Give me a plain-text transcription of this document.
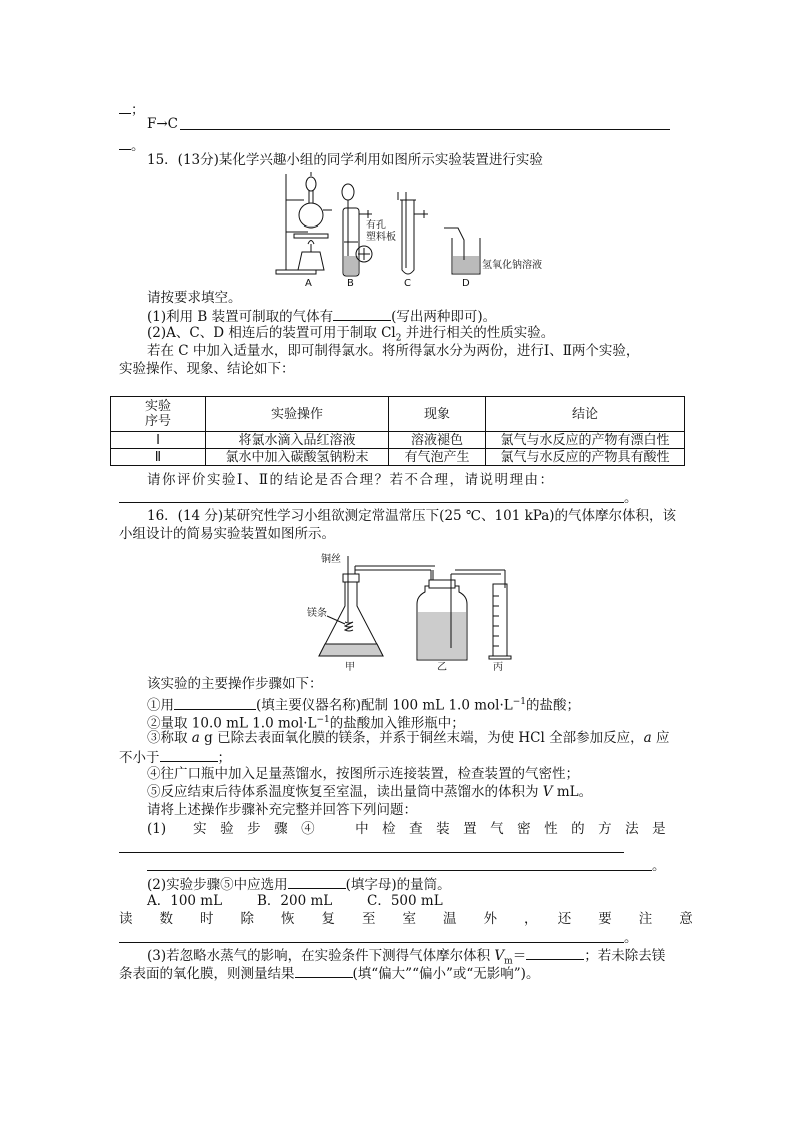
；
F→C
。
15．(13分)某化学兴趣小组的同学利用如图所示实验装置进行实验
有孔
塑料板
氢氧化钠溶液
A	B	C	D
请按要求填空。
(1)利用 B 装置可制取的气体有	(写出两种即可)。
(2)A、C、D 相连后的装置可用于制取 $Cl_2$ 并进行相关的性质实验。
若在 C 中加入适量水，即可制得氯水。将所得氯水分为两份，进行Ⅰ、Ⅱ两个实验，
实验操作、现象、结论如下：
实验
序号	实验操作	现象	结论
Ⅰ	将氯水滴入品红溶液	溶液褪色	氯气与水反应的产物有漂白性
Ⅱ	氯水中加入碳酸氢钠粉末	有气泡产生	氯气与水反应的产物具有酸性
请你评价实验Ⅰ、Ⅱ的结论是否合理？若不合理，请说明理由：
。
16．(14 分)某研究性学习小组欲测定常温常压下(25 ℃、101 kPa)的气体摩尔体积，该
小组设计的简易实验装置如图所示。
铜丝
镁条
甲	乙	丙
该实验的主要操作步骤如下：
①用	(填主要仪器名称)配制 100 mL 1.0 $mol\cdot L^{-1}$的盐酸；
②量取 10.0 mL 1.0 $mol\cdot L^{-1}$的盐酸加入锥形瓶中；
③称取 a g 已除去表面氧化膜的镁条，并系于铜丝末端，为使 HCl 全部参加反应，a 应
不小于	；
④往广口瓶中加入足量蒸馏水，按图所示连接装置，检查装置的气密性；
⑤反应结束后待体系温度恢复至室温，读出量筒中蒸馏水的体积为 V mL。
请将上述操作步骤补充完整并回答下列问题：
(1)　　实　验　步　骤　④　　　中　检　查　装　置　气　密　性　的　方　法　是
。
(2)实验步骤⑤中应选用	(填字母)的量筒。
A．100 mL	B．200 mL	C．500 mL
读　　数　　时　　除　　恢　　复　　至　　室　　温　　外　　，　　还　　要　　注　　意
。
(3)若忽略水蒸气的影响，在实验条件下测得气体摩尔体积 $V_m=$	；若未除去镁
条表面的氧化膜，则测量结果	(填“偏大”“偏小”或“无影响”)。
